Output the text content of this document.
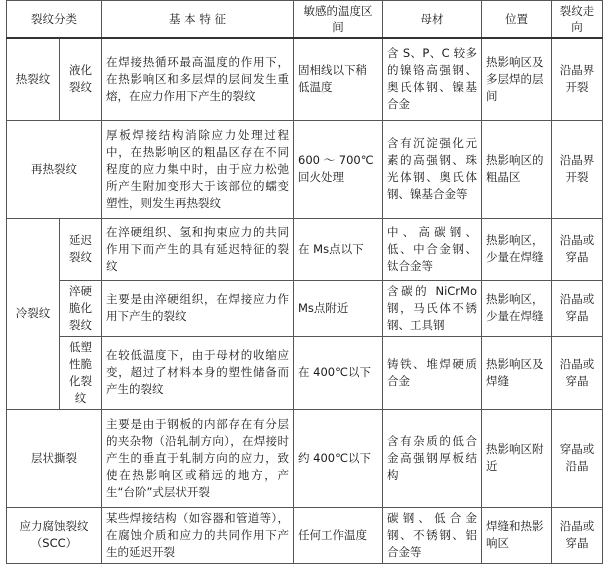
裂纹分类		基 本 特 征	敏感的温度区间	母材	位置	裂纹走向
热裂纹	液化裂纹	在焊接热循环最高温度的作用下，在热影响区和多层焊的层间发生重熔，在应力作用下产生的裂纹	固相线以下稍低温度	含 S、P、C 较多的镍铬高强钢、奥氏体钢、镍基合金	热影响区及多层焊的层间	沿晶界开裂
再热裂纹		厚板焊接结构消除应力处理过程中，在热影响区的粗晶区存在不同程度的应力集中时，由于应力松弛所产生附加变形大于该部位的蠕变塑性，则发生再热裂纹	600 ～ 700℃回火处理	含有沉淀强化元素的高强钢、珠光体钢、奥氏体钢、镍基合金等	热影响区的粗晶区	沿晶界开裂
冷裂纹	延迟裂纹	在淬硬组织、氢和拘束应力的共同作用下而产生的具有延迟特征的裂纹	在 Ms点以下	中、高碳钢、低、中合金钢、钛合金等	热影响区，少量在焊缝	沿晶或穿晶
	淬硬脆化裂纹	主要是由淬硬组织，在焊接应力作用下产生的裂纹	Ms点附近	含碳的 NiCrMo 钢，马氏体不锈钢、工具钢	热影响区，少量在焊缝	沿晶或穿晶
	低塑性脆化裂纹	在较低温度下，由于母材的收缩应变，超过了材料本身的塑性储备而产生的裂纹	在 400℃以下	铸铁、堆焊硬质合金	热影响区及焊缝	沿晶或穿晶
层状撕裂		主要是由于钢板的内部存在有分层的夹杂物（沿轧制方向），在焊接时产生的垂直于轧制方向的应力，致使在热影响区或稍远的地方，产生“台阶”式层状开裂	约 400℃以下	含有杂质的低合金高强钢厚板结构	热影响区附近	穿晶或沿晶
应力腐蚀裂纹（SCC）		某些焊接结构（如容器和管道等），在腐蚀介质和应力的共同作用下产生的延迟开裂	任何工作温度	碳钢、低合金钢、不锈钢、铝合金等	焊缝和热影响区	沿晶或穿晶
